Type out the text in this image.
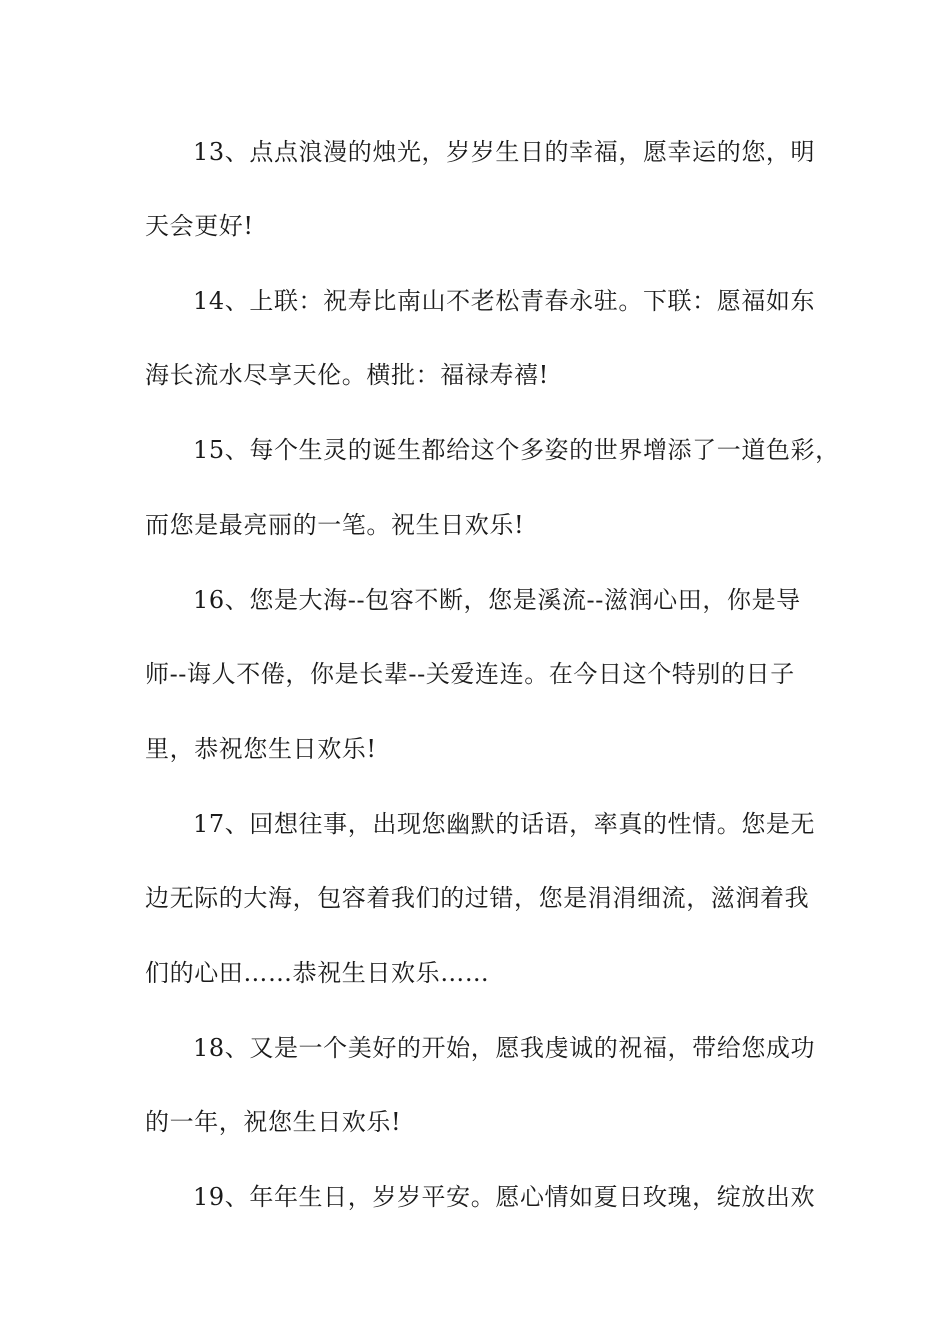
13、点点浪漫的烛光，岁岁生日的幸福，愿幸运的您，明
天会更好!
14、上联：祝寿比南山不老松青春永驻。下联：愿福如东
海长流水尽享天伦。横批：福禄寿禧!
15、每个生灵的诞生都给这个多姿的世界增添了一道色彩，
而您是最亮丽的一笔。祝生日欢乐!
16、您是大海--包容不断，您是溪流--滋润心田，你是导
师--诲人不倦，你是长辈--关爱连连。在今日这个特别的日子
里，恭祝您生日欢乐!
17、回想往事，出现您幽默的话语，率真的性情。您是无
边无际的大海，包容着我们的过错，您是涓涓细流，滋润着我
们的心田……恭祝生日欢乐……
18、又是一个美好的开始，愿我虔诚的祝福，带给您成功
的一年，祝您生日欢乐!
19、年年生日，岁岁平安。愿心情如夏日玫瑰，绽放出欢
